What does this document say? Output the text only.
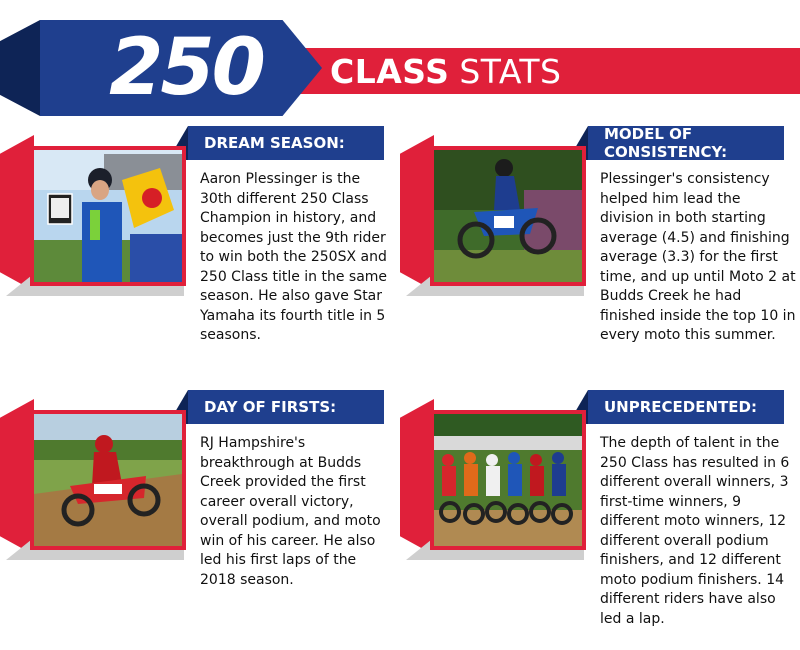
250	CLASS STATS
DREAM SEASON:

Aaron Plessinger is the 30th different 250 Class Champion in history, and becomes just the 9th rider to win both the 250SX and 250 Class title in the same season. He also gave Star Yamaha its fourth title in 5 seasons.

MODEL OF CONSISTENCY:

Plessinger's consistency helped him lead the division in both starting average (4.5) and finishing average (3.3) for the first time, and up until Moto 2 at Budds Creek he had finished inside the top 10 in every moto this summer.

DAY OF FIRSTS:

RJ Hampshire's breakthrough at Budds Creek provided the first career overall victory, overall podium, and moto win of his career. He also led his first laps of the 2018 season.

UNPRECEDENTED:

The depth of talent in the 250 Class has resulted in 6 different overall winners, 3 first-time winners, 9 different moto winners, 12 different overall podium finishers, and 12 different moto podium finishers. 14 different riders have also led a lap.
